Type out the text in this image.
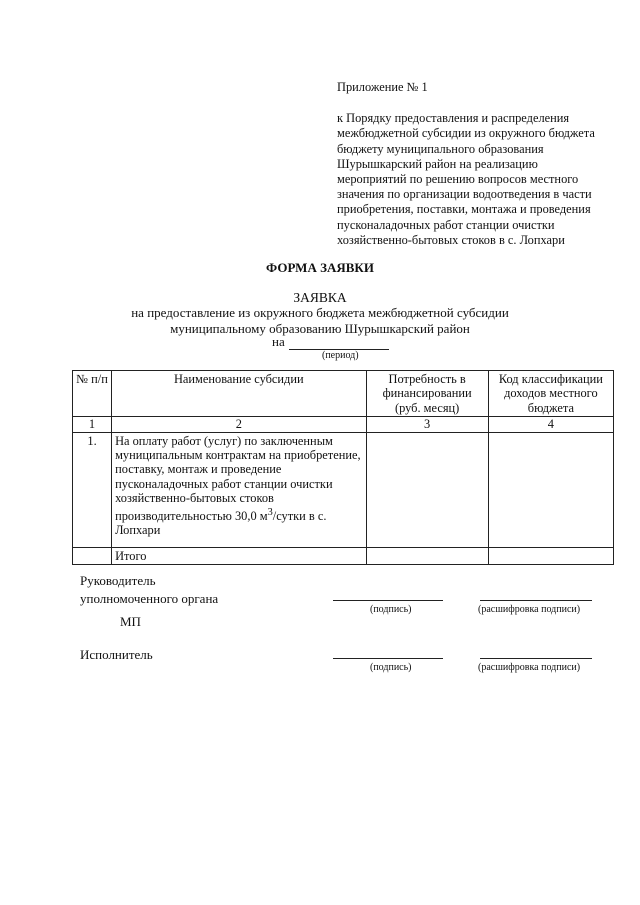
Приложение № 1
к Порядку предоставления и распределения
межбюджетной субсидии из окружного бюджета
бюджету муниципального образования
Шурышкарский район на реализацию
мероприятий по решению вопросов местного
значения по организации водоотведения в части
приобретения, поставки, монтажа и проведения
пусконаладочных работ станции очистки
хозяйственно-бытовых стоков в с. Лопхари
ФОРМА ЗАЯВКИ
ЗАЯВКА
на предоставление из окружного бюджета межбюджетной субсидии
муниципальному образованию Шурышкарский район
на
(период)
№ п/п	Наименование субсидии	Потребность в финансировании (руб. месяц)	Код классификации доходов местного бюджета
1	2	3	4
1.	На оплату работ (услуг) по заключенным муниципальным контрактам на приобретение, поставку, монтаж и проведение пусконаладочных работ станции очистки хозяйственно-бытовых стоков производительностью 30,0 $м^3$/сутки в с. Лопхари		
	Итого		
Руководитель
уполномоченного органа
(подпись)	(расшифровка подписи)
МП
Исполнитель
(подпись)	(расшифровка подписи)
